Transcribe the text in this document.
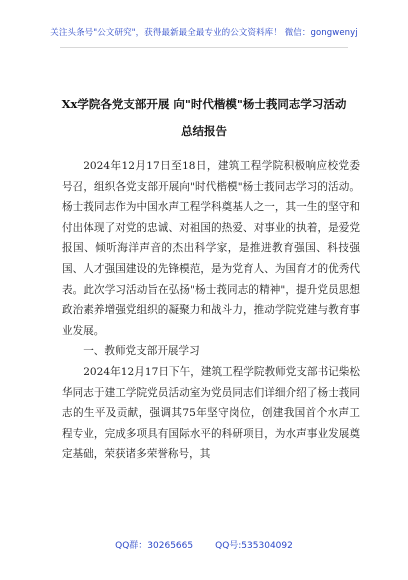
关注头条号"公文研究"，获得最新最全最专业的公文资料库！ 微信：gongwenyj
Xx学院各党支部开展 向"时代楷模"杨士莪同志学习活动
总结报告

2024年12月17日至18日，建筑工程学院积极响应校党委号召，组织各党支部开展向"时代楷模"杨士莪同志学习的活动。杨士莪同志作为中国水声工程学科奠基人之一，其一生的坚守和付出体现了对党的忠诚、对祖国的热爱、对事业的执着，是爱党报国、倾听海洋声音的杰出科学家，是推进教育强国、科技强国、人才强国建设的先锋模范，是为党育人、为国育才的优秀代表。此次学习活动旨在弘扬"杨士莪同志的精神"，提升党员思想政治素养增强党组织的凝聚力和战斗力，推动学院党建与教育事业发展。

一、教师党支部开展学习

2024年12月17日下午，建筑工程学院教师党支部书记柴松华同志于建工学院党员活动室为党员同志们详细介绍了杨士莪同志的生平及贡献，强调其75年坚守岗位，创建我国首个水声工程专业，完成多项具有国际水平的科研项目，为水声事业发展奠定基础，荣获诸多荣誉称号，其

QQ群：30265665 QQ号:535304092
